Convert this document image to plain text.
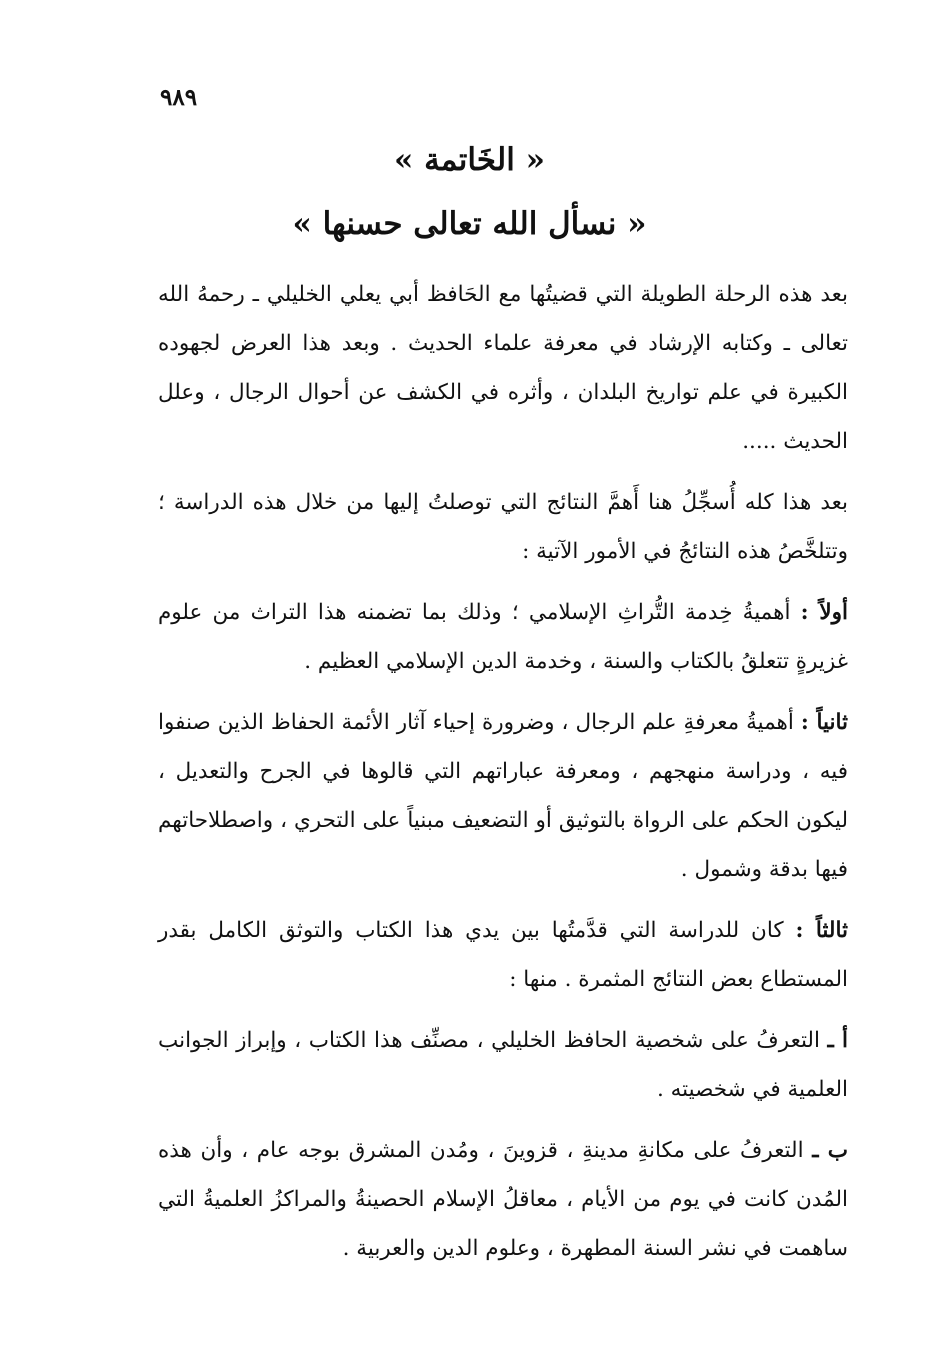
٩٨٩
« الخَاتمة »
« نسأل الله تعالى حسنها »

بعد هذه الرحلة الطويلة التي قضيتُها مع الحَافظ أبي يعلي الخليلي ـ رحمهُ الله تعالى ـ وكتابه الإرشاد في معرفة علماء الحديث . وبعد هذا العرض لجهوده الكبيرة في علم تواريخ البلدان ، وأثره في الكشف عن أحوال الرجال ، وعلل الحديث .....

بعد هذا كله أُسجِّلُ هنا أَهمَّ النتائج التي توصلتُ إليها من خلال هذه الدراسة ؛ وتتلخَّصُ هذه النتائجُ في الأمور الآتية :

أولاً : أهميةُ خِدمة التُّراثِ الإسلامي ؛ وذلك بما تضمنه هذا التراث من علوم غزيرةٍ تتعلقُ بالكتاب والسنة ، وخدمة الدين الإسلامي العظيم .

ثانياً : أهميةُ معرفةِ علم الرجال ، وضرورة إحياء آثار الأئمة الحفاظ الذين صنفوا فيه ، ودراسة منهجهم ، ومعرفة عباراتهم التي قالوها في الجرح والتعديل ، ليكون الحكم على الرواة بالتوثيق أو التضعيف مبنياً على التحري ، واصطلاحاتهم فيها بدقة وشمول .

ثالثاً : كان للدراسة التي قدَّمتُها بين يدي هذا الكتاب والتوثق الكامل بقدر المستطاع بعض النتائج المثمرة . منها :

أ ـ التعرفُ على شخصية الحافظ الخليلي ، مصنِّف هذا الكتاب ، وإبراز الجوانب العلمية في شخصيته .

ب ـ التعرفُ على مكانةِ مدينةِ ، قزوينَ ، ومُدن المشرق بوجه عام ، وأن هذه المُدن كانت في يوم من الأيام ، معاقلُ الإسلام الحصينةُ والمراكزُ العلميةُ التي ساهمت في نشر السنة المطهرة ، وعلوم الدين والعربية .
